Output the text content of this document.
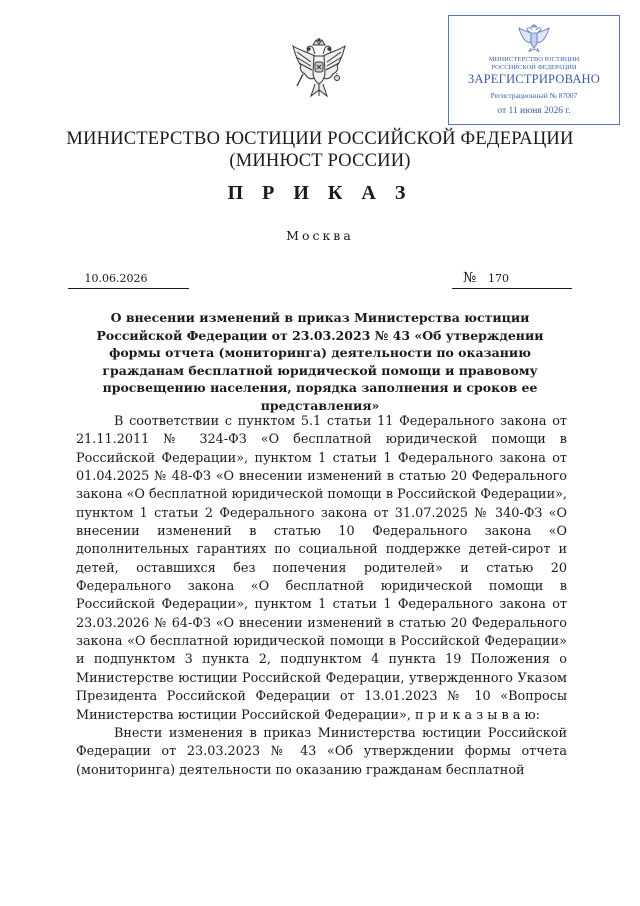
МИНИСТЕРСТВО ЮСТИЦИИ
РОССИЙСКОЙ ФЕДЕРАЦИИ
ЗАРЕГИСТРИРОВАНО
Регистрационный № 87007
от 11 июня 2026 г.
МИНИСТЕРСТВО ЮСТИЦИИ РОССИЙСКОЙ ФЕДЕРАЦИИ
(МИНЮСТ РОССИИ)
П Р И К А З
Москва
10.06.2026	№ 170
О внесении изменений в приказ Министерства юстиции Российской Федерации от 23.03.2023 № 43 «Об утверждении формы отчета (мониторинга) деятельности по оказанию гражданам бесплатной юридической помощи и правовому просвещению населения, порядка заполнения и сроков ее представления»

В соответствии с пунктом 5.1 статьи 11 Федерального закона от 21.11.2011 № 324-ФЗ «О бесплатной юридической помощи в Российской Федерации», пунктом 1 статьи 1 Федерального закона от 01.04.2025 № 48-ФЗ «О внесении изменений в статью 20 Федерального закона «О бесплатной юридической помощи в Российской Федерации», пунктом 1 статьи 2 Федерального закона от 31.07.2025 № 340-ФЗ «О внесении изменений в статью 10 Федерального закона «О дополнительных гарантиях по социальной поддержке детей-сирот и детей, оставшихся без попечения родителей» и статью 20 Федерального закона «О бесплатной юридической помощи в Российской Федерации», пунктом 1 статьи 1 Федерального закона от 23.03.2026 № 64-ФЗ «О внесении изменений в статью 20 Федерального закона «О бесплатной юридической помощи в Российской Федерации» и подпунктом 3 пункта 2, подпунктом 4 пункта 19 Положения о Министерстве юстиции Российской Федерации, утвержденного Указом Президента Российской Федерации от 13.01.2023 № 10 «Вопросы Министерства юстиции Российской Федерации», п р и к а з ы в а ю:

Внести изменения в приказ Министерства юстиции Российской Федерации от 23.03.2023 № 43 «Об утверждении формы отчета (мониторинга) деятельности по оказанию гражданам бесплатной
